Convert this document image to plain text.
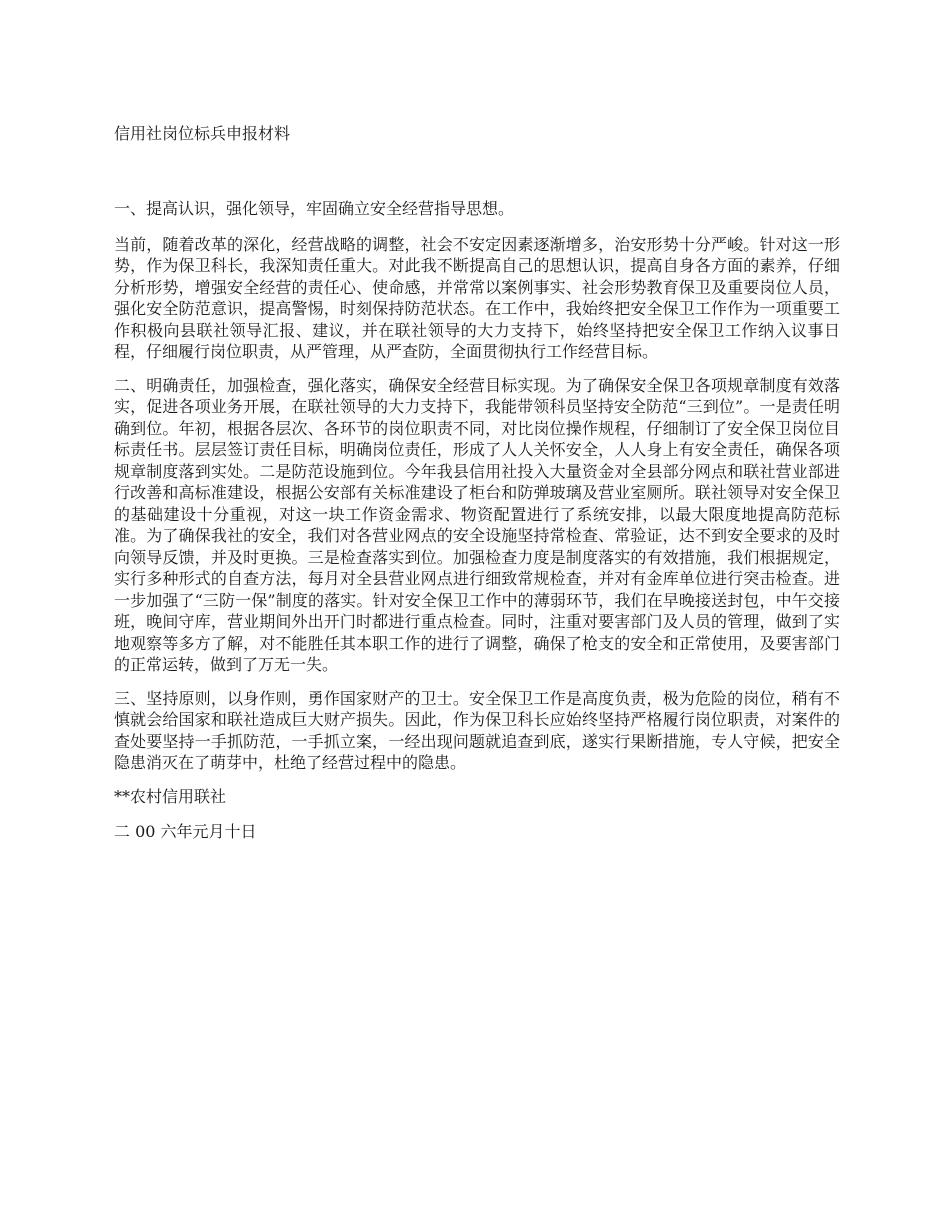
信用社岗位标兵申报材料

一、提高认识，强化领导，牢固确立安全经营指导思想。

当前，随着改革的深化，经营战略的调整，社会不安定因素逐渐增多，治安形势十分严峻。针对这一形势，作为保卫科长，我深知责任重大。对此我不断提高自己的思想认识，提高自身各方面的素养，仔细分析形势，增强安全经营的责任心、使命感，并常常以案例事实、社会形势教育保卫及重要岗位人员，强化安全防范意识，提高警惕，时刻保持防范状态。在工作中，我始终把安全保卫工作作为一项重要工作积极向县联社领导汇报、建议，并在联社领导的大力支持下，始终坚持把安全保卫工作纳入议事日程，仔细履行岗位职责，从严管理，从严查防，全面贯彻执行工作经营目标。

二、明确责任，加强检查，强化落实，确保安全经营目标实现。为了确保安全保卫各项规章制度有效落实，促进各项业务开展，在联社领导的大力支持下，我能带领科员坚持安全防范“三到位”。一是责任明确到位。年初，根据各层次、各环节的岗位职责不同，对比岗位操作规程，仔细制订了安全保卫岗位目标责任书。层层签订责任目标，明确岗位责任，形成了人人关怀安全，人人身上有安全责任，确保各项规章制度落到实处。二是防范设施到位。今年我县信用社投入大量资金对全县部分网点和联社营业部进行改善和高标准建设，根据公安部有关标准建设了柜台和防弹玻璃及营业室厕所。联社领导对安全保卫的基础建设十分重视，对这一块工作资金需求、物资配置进行了系统安排，以最大限度地提高防范标准。为了确保我社的安全，我们对各营业网点的安全设施坚持常检查、常验证，达不到安全要求的及时向领导反馈，并及时更换。三是检查落实到位。加强检查力度是制度落实的有效措施，我们根据规定，实行多种形式的自查方法，每月对全县营业网点进行细致常规检查，并对有金库单位进行突击检查。进一步加强了“三防一保”制度的落实。针对安全保卫工作中的薄弱环节，我们在早晚接送封包，中午交接班，晚间守库，营业期间外出开门时都进行重点检查。同时，注重对要害部门及人员的管理，做到了实地观察等多方了解，对不能胜任其本职工作的进行了调整，确保了枪支的安全和正常使用，及要害部门的正常运转，做到了万无一失。

三、坚持原则，以身作则，勇作国家财产的卫士。安全保卫工作是高度负责，极为危险的岗位，稍有不慎就会给国家和联社造成巨大财产损失。因此，作为保卫科长应始终坚持严格履行岗位职责，对案件的查处要坚持一手抓防范，一手抓立案，一经出现问题就追查到底，遂实行果断措施，专人守候，把安全隐患消灭在了萌芽中，杜绝了经营过程中的隐患。

**农村信用联社

二 00 六年元月十日
